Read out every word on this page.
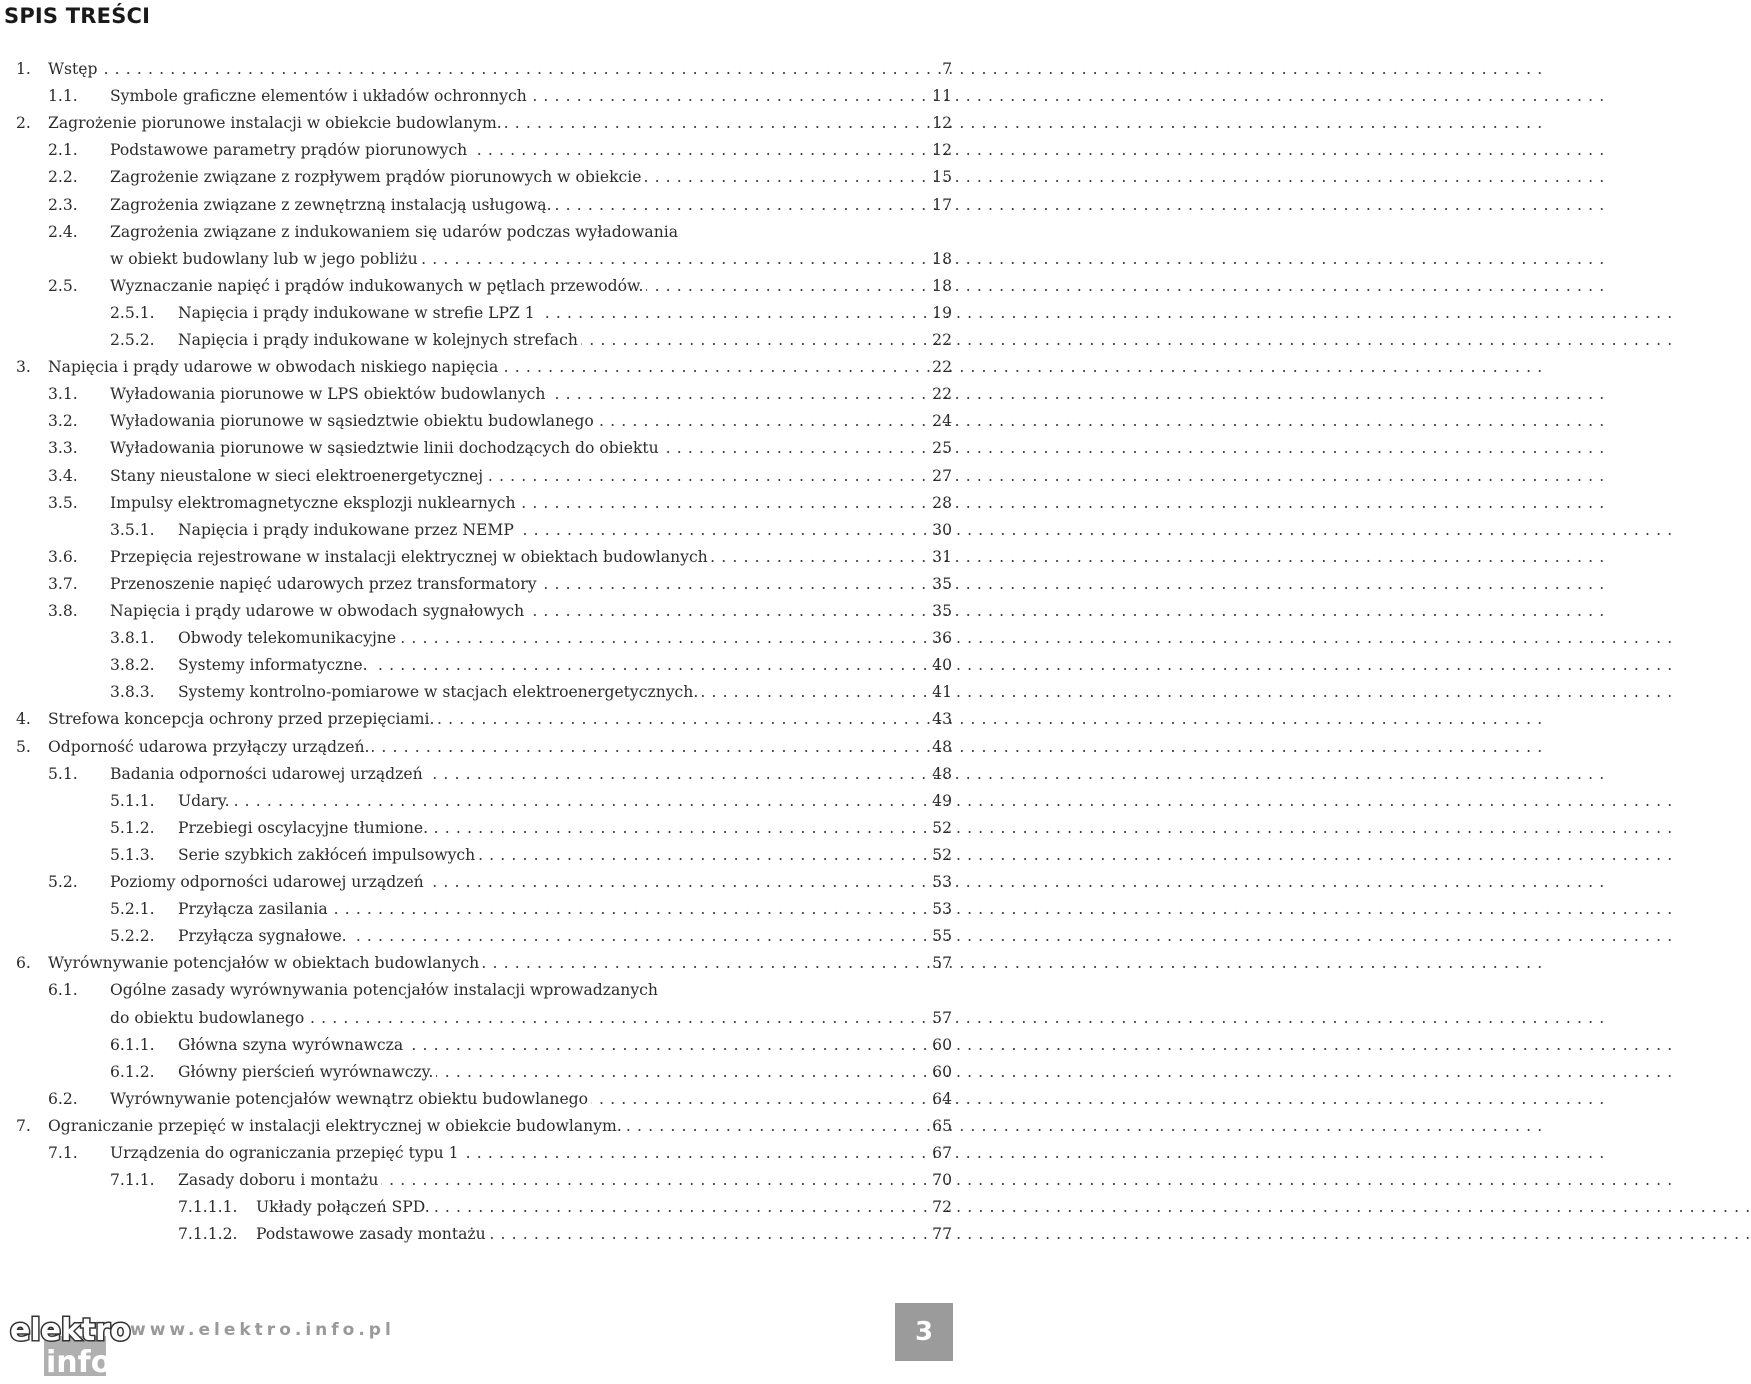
SPIS TREŚCI
1. Wstęp . . .	7
1.1. Symbole graficzne elementów i układów ochronnych . . .	11
2. Zagrożenie piorunowe instalacji w obiekcie budowlanym. . . .	12
2.1. Podstawowe parametry prądów piorunowych . . .	12
2.2. Zagrożenie związane z rozpływem prądów piorunowych w obiekcie . . .	15
2.3. Zagrożenia związane z zewnętrzną instalacją usługową. . . .	17
2.4. Zagrożenia związane z indukowaniem się udarów podczas wyładowania
w obiekt budowlany lub w jego pobliżu . . .	18
2.5. Wyznaczanie napięć i prądów indukowanych w pętlach przewodów. . . .	18
2.5.1. Napięcia i prądy indukowane w strefie LPZ 1 . . .	19
2.5.2. Napięcia i prądy indukowane w kolejnych strefach . . .	22
3. Napięcia i prądy udarowe w obwodach niskiego napięcia . . .	22
3.1. Wyładowania piorunowe w LPS obiektów budowlanych . . .	22
3.2. Wyładowania piorunowe w sąsiedztwie obiektu budowlanego . . .	24
3.3. Wyładowania piorunowe w sąsiedztwie linii dochodzących do obiektu . . .	25
3.4. Stany nieustalone w sieci elektroenergetycznej . . .	27
3.5. Impulsy elektromagnetyczne eksplozji nuklearnych . . .	28
3.5.1. Napięcia i prądy indukowane przez NEMP . . .	30
3.6. Przepięcia rejestrowane w instalacji elektrycznej w obiektach budowlanych . . .	31
3.7. Przenoszenie napięć udarowych przez transformatory . . .	35
3.8. Napięcia i prądy udarowe w obwodach sygnałowych . . .	35
3.8.1. Obwody telekomunikacyjne . . .	36
3.8.2. Systemy informatyczne. . . .	40
3.8.3. Systemy kontrolno-pomiarowe w stacjach elektroenergetycznych. . . .	41
4. Strefowa koncepcja ochrony przed przepięciami. . . .	43
5. Odporność udarowa przyłączy urządzeń. . . .	48
5.1. Badania odporności udarowej urządzeń . . .	48
5.1.1. Udary. . . .	49
5.1.2. Przebiegi oscylacyjne tłumione. . . .	52
5.1.3. Serie szybkich zakłóceń impulsowych . . .	52
5.2. Poziomy odporności udarowej urządzeń . . .	53
5.2.1. Przyłącza zasilania . . .	53
5.2.2. Przyłącza sygnałowe. . . .	55
6. Wyrównywanie potencjałów w obiektach budowlanych . . .	57
6.1. Ogólne zasady wyrównywania potencjałów instalacji wprowadzanych
do obiektu budowlanego . . .	57
6.1.1. Główna szyna wyrównawcza . . .	60
6.1.2. Główny pierścień wyrównawczy. . . .	60
6.2. Wyrównywanie potencjałów wewnątrz obiektu budowlanego . . .	64
7. Ograniczanie przepięć w instalacji elektrycznej w obiekcie budowlanym. . . .	65
7.1. Urządzenia do ograniczania przepięć typu 1 . . .	67
7.1.1. Zasady doboru i montażu . . .	70
7.1.1.1. Układy połączeń SPD. . . .	72
7.1.1.2. Podstawowe zasady montażu . . .	77
elektro
info
www.elektro.info.pl	3
